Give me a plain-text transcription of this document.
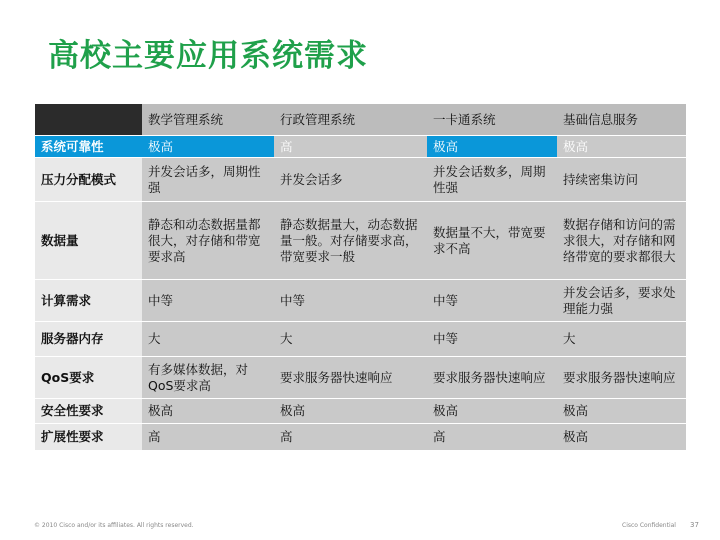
高校主要应用系统需求
	教学管理系统	行政管理系统	一卡通系统	基础信息服务
系统可靠性	极高	高	极高	极高
压力分配模式	并发会话多，周期性强	并发会话多	并发会话数多，周期性强	持续密集访问
数据量	静态和动态数据量都很大，对存储和带宽要求高	静态数据量大，动态数据量一般。对存储要求高，带宽要求一般	数据量不大，带宽要求不高	数据存储和访问的需求很大，对存储和网络带宽的要求都很大
计算需求	中等	中等	中等	并发会话多，要求处理能力强
服务器内存	大	大	中等	大
QoS要求	有多媒体数据，对QoS要求高	要求服务器快速响应	要求服务器快速响应	要求服务器快速响应
安全性要求	极高	极高	极高	极高
扩展性要求	高	高	高	极高
© 2010 Cisco and/or its affiliates. All rights reserved.	Cisco Confidential 37
